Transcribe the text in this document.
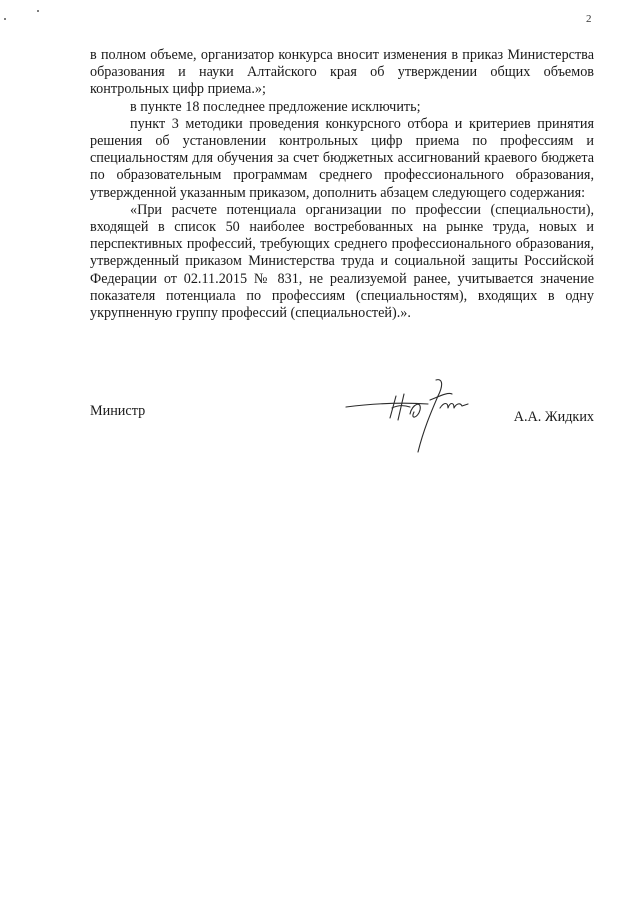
2

в полном объеме, организатор конкурса вносит изменения в приказ Министерства образования и науки Алтайского края об утверждении общих объемов контрольных цифр приема.»;

в пункте 18 последнее предложение исключить;

пункт 3 методики проведения конкурсного отбора и критериев принятия решения об установлении контрольных цифр приема по профессиям и специальностям для обучения за счет бюджетных ассигнований краевого бюджета по образовательным программам среднего профессионального образования, утвержденной указанным приказом, дополнить абзацем следующего содержания:

«При расчете потенциала организации по профессии (специальности), входящей в список 50 наиболее востребованных на рынке труда, новых и перспективных профессий, требующих среднего профессионального образования, утвержденный приказом Министерства труда и социальной защиты Российской Федерации от 02.11.2015 № 831, не реализуемой ранее, учитывается значение показателя потенциала по профессиям (специальностям), входящих в одну укрупненную группу профессий (специальностей).».

Министр	А.А. Жидких
